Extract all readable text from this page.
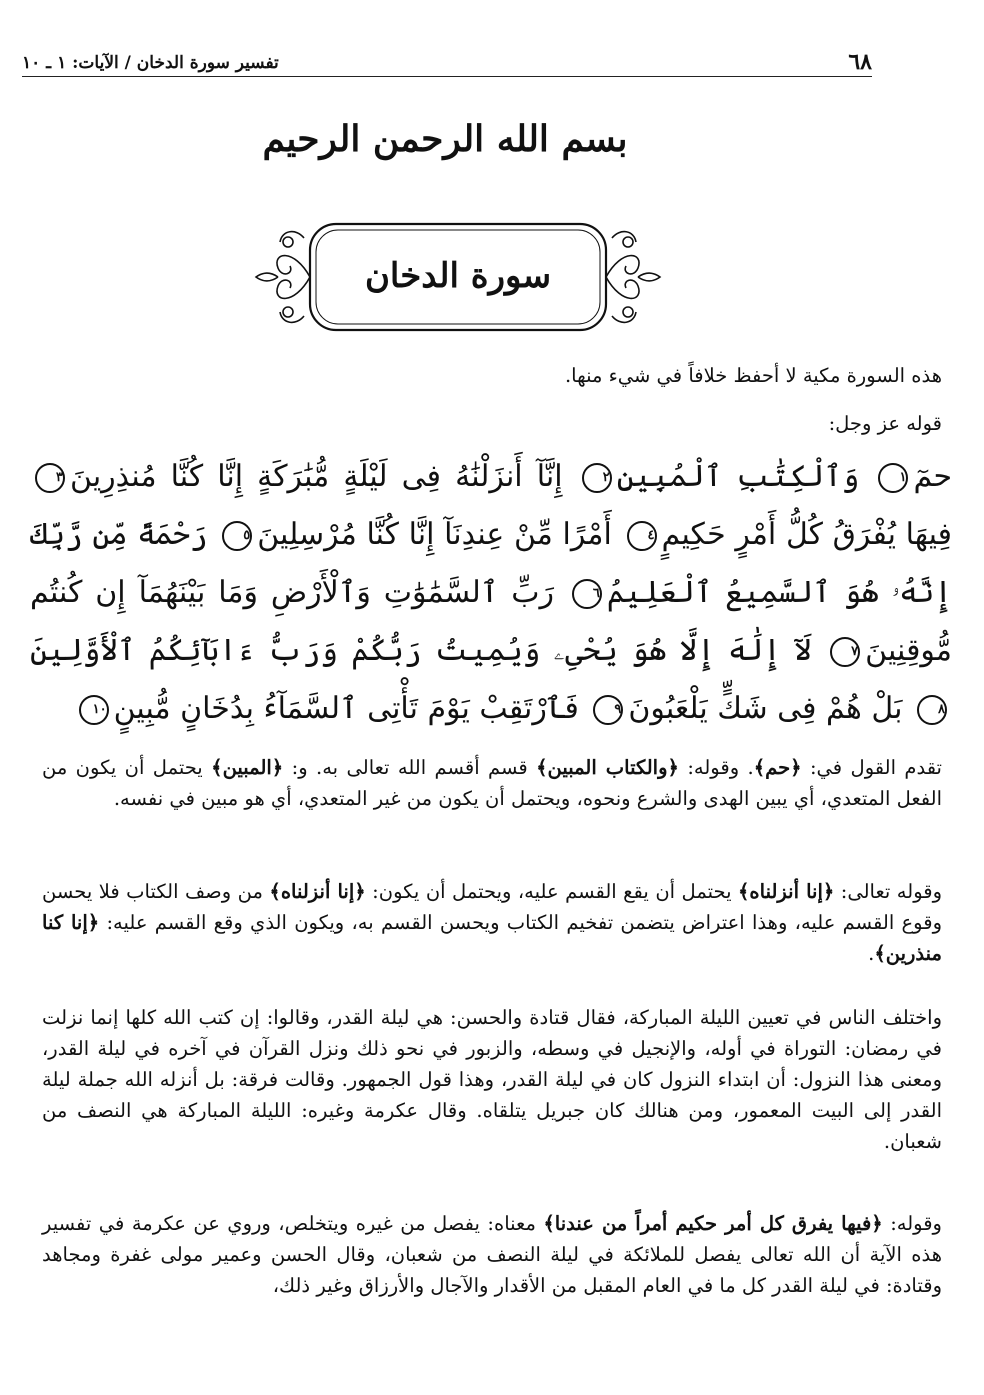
٦٨
تفسير سورة الدخان / الآيات: ١ ـ ١٠
بسم الله الرحمن الرحيم
سورة الدخان
هذه السورة مكية لا أحفظ خلافاً في شيء منها.
قوله عز وجل:
حمٓ١ وَٱلْكِتَٰبِ ٱلْمُبِينِ٢ إِنَّآ أَنزَلْنَٰهُ فِى لَيْلَةٍ مُّبَٰرَكَةٍ إِنَّا كُنَّا مُنذِرِينَ٣ فِيهَا يُفْرَقُ كُلُّ أَمْرٍ حَكِيمٍ٤ أَمْرًا مِّنْ عِندِنَآ إِنَّا كُنَّا مُرْسِلِينَ٥ رَحْمَةً مِّن رَّبِّكَ إِنَّهُۥ هُوَ ٱلسَّمِيعُ ٱلْعَلِيمُ٦ رَبِّ ٱلسَّمَٰوَٰتِ وَٱلْأَرْضِ وَمَا بَيْنَهُمَآ إِن كُنتُم مُّوقِنِينَ٧ لَآ إِلَٰهَ إِلَّا هُوَ يُحْىِۦ وَيُمِيتُ رَبُّكُمْ وَرَبُّ ءَابَآئِكُمُ ٱلْأَوَّلِينَ٨ بَلْ هُمْ فِى شَكٍّ يَلْعَبُونَ٩ فَٱرْتَقِبْ يَوْمَ تَأْتِى ٱلسَّمَآءُ بِدُخَانٍ مُّبِينٍ١٠
تقدم القول في: ﴿حم﴾. وقوله: ﴿والكتاب المبين﴾ قسم أقسم الله تعالى به. و: ﴿المبين﴾ يحتمل أن يكون من الفعل المتعدي، أي يبين الهدى والشرع ونحوه، ويحتمل أن يكون من غير المتعدي، أي هو مبين في نفسه.
وقوله تعالى: ﴿إنا أنزلناه﴾ يحتمل أن يقع القسم عليه، ويحتمل أن يكون: ﴿إنا أنزلناه﴾ من وصف الكتاب فلا يحسن وقوع القسم عليه، وهذا اعتراض يتضمن تفخيم الكتاب ويحسن القسم به، ويكون الذي وقع القسم عليه: ﴿إنا كنا منذرين﴾.
واختلف الناس في تعيين الليلة المباركة، فقال قتادة والحسن: هي ليلة القدر، وقالوا: إن كتب الله كلها إنما نزلت في رمضان: التوراة في أوله، والإنجيل في وسطه، والزبور في نحو ذلك ونزل القرآن في آخره في ليلة القدر، ومعنى هذا النزول: أن ابتداء النزول كان في ليلة القدر، وهذا قول الجمهور. وقالت فرقة: بل أنزله الله جملة ليلة القدر إلى البيت المعمور، ومن هنالك كان جبريل يتلقاه. وقال عكرمة وغيره: الليلة المباركة هي النصف من شعبان.
وقوله: ﴿فيها يفرق كل أمر حكيم أمراً من عندنا﴾ معناه: يفصل من غيره ويتخلص، وروي عن عكرمة في تفسير هذه الآية أن الله تعالى يفصل للملائكة في ليلة النصف من شعبان، وقال الحسن وعمير مولى غفرة ومجاهد وقتادة: في ليلة القدر كل ما في العام المقبل من الأقدار والآجال والأرزاق وغير ذلك،
